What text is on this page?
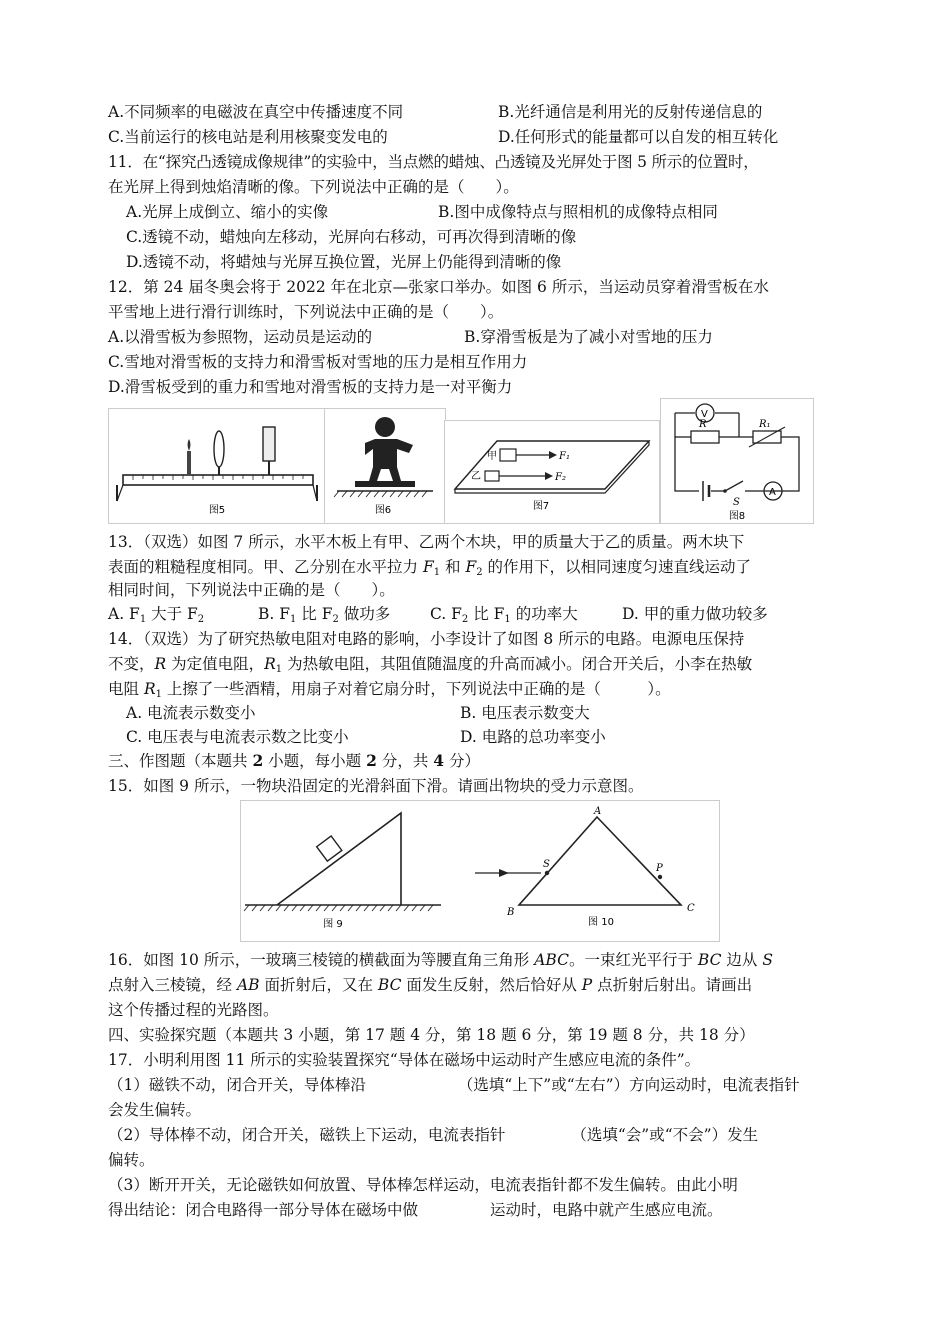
A.不同频率的电磁波在真空中传播速度不同	B.光纤通信是利用光的反射传递信息的
C.当前运行的核电站是利用核聚变发电的	D.任何形式的能量都可以自发的相互转化
11．在“探究凸透镜成像规律”的实验中，当点燃的蜡烛、凸透镜及光屏处于图 5 所示的位置时，
在光屏上得到烛焰清晰的像。下列说法中正确的是（　　）。
A.光屏上成倒立、缩小的实像	B.图中成像特点与照相机的成像特点相同
C.透镜不动，蜡烛向左移动，光屏向右移动，可再次得到清晰的像
D.透镜不动，将蜡烛与光屏互换位置，光屏上仍能得到清晰的像
12．第 24 届冬奥会将于 2022 年在北京—张家口举办。如图 6 所示，当运动员穿着滑雪板在水
平雪地上进行滑行训练时，下列说法中正确的是（　　）。
A.以滑雪板为参照物，运动员是运动的	B.穿滑雪板是为了减小对雪地的压力
C.雪地对滑雪板的支持力和滑雪板对雪地的压力是相互作用力
D.滑雪板受到的重力和雪地对滑雪板的支持力是一对平衡力
图5	图6
甲	F₁
乙	F₂
图7
V
A
R	R₁
S
图8
13．（双选）如图 7 所示，水平木板上有甲、乙两个木块，甲的质量大于乙的质量。两木块下
表面的粗糙程度相同。甲、乙分别在水平拉力 $F_1$ 和 $F_2$ 的作用下，以相同速度匀速直线运动了
相同时间，下列说法中正确的是（　　）。
A. $F_1$ 大于 $F_2$	B. $F_1$ 比 $F_2$ 做功多	C. $F_2$ 比 $F_1$ 的功率大	D. 甲的重力做功较多
14．（双选）为了研究热敏电阻对电路的影响，小李设计了如图 8 所示的电路。电源电压保持
不变，R 为定值电阻，$R_1$ 为热敏电阻，其阻值随温度的升高而减小。闭合开关后，小李在热敏
电阻 $R_1$ 上擦了一些酒精，用扇子对着它扇分时，下列说法中正确的是（　　　）。
A. 电流表示数变小	B. 电压表示数变大
C. 电压表与电流表示数之比变小	D. 电路的总功率变小
三、作图题（本题共 2 小题，每小题 2 分，共 4 分）
15．如图 9 所示，一物块沿固定的光滑斜面下滑。请画出物块的受力示意图。
图 9
A
B	C
S	P
图 10
16．如图 10 所示，一玻璃三棱镜的横截面为等腰直角三角形 ABC。一束红光平行于 BC 边从 S
点射入三棱镜，经 AB 面折射后，又在 BC 面发生反射，然后恰好从 P 点折射后射出。请画出
这个传播过程的光路图。
四、实验探究题（本题共 3 小题，第 17 题 4 分，第 18 题 6 分，第 19 题 8 分，共 18 分）
17．小明利用图 11 所示的实验装置探究“导体在磁场中运动时产生感应电流的条件”。
（1）磁铁不动，闭合开关，导体棒沿	（选填“上下”或“左右”）方向运动时，电流表指针
会发生偏转。
（2）导体棒不动，闭合开关，磁铁上下运动，电流表指针	（选填“会”或“不会”）发生
偏转。
（3）断开开关，无论磁铁如何放置、导体棒怎样运动，电流表指针都不发生偏转。由此小明
得出结论：闭合电路得一部分导体在磁场中做	运动时，电路中就产生感应电流。
